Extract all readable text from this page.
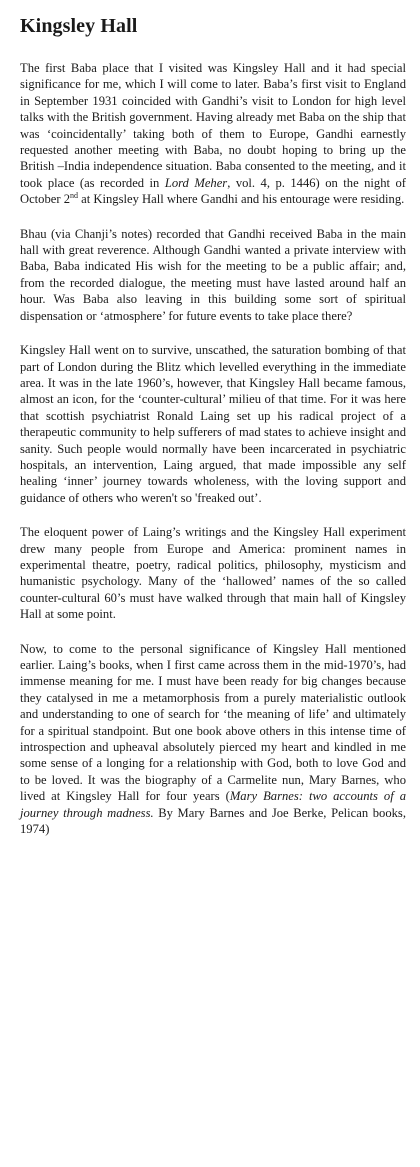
Kingsley Hall

The first Baba place that I visited was Kingsley Hall and it had special significance for me, which I will come to later. Baba’s first visit to England in September 1931 coincided with Gandhi’s visit to London for high level talks with the British government. Having already met Baba on the ship that was ‘coincidentally’ taking both of them to Europe, Gandhi earnestly requested another meeting with Baba, no doubt hoping to bring up the British –India independence situation. Baba consented to the meeting, and it took place (as recorded in Lord Meher, vol. 4, p. 1446) on the night of October 2nd at Kingsley Hall where Gandhi and his entourage were residing.

Bhau (via Chanji’s notes) recorded that Gandhi received Baba in the main hall with great reverence. Although Gandhi wanted a private interview with Baba, Baba indicated His wish for the meeting to be a public affair; and, from the recorded dialogue, the meeting must have lasted around half an hour. Was Baba also leaving in this building some sort of spiritual dispensation or ‘atmosphere’ for future events to take place there?

Kingsley Hall went on to survive, unscathed, the saturation bombing of that part of London during the Blitz which levelled everything in the immediate area. It was in the late 1960’s, however, that Kingsley Hall became famous, almost an icon, for the ‘counter-cultural’ milieu of that time. For it was here that scottish psychiatrist Ronald Laing set up his radical project of a therapeutic community to help sufferers of mad states to achieve insight and sanity. Such people would normally have been incarcerated in psychiatric hospitals, an intervention, Laing argued, that made impossible any self healing ‘inner’ journey towards wholeness, with the loving support and guidance of others who weren't so 'freaked out’.

The eloquent power of Laing’s writings and the Kingsley Hall experiment drew many people from Europe and America: prominent names in experimental theatre, poetry, radical politics, philosophy, mysticism and humanistic psychology. Many of the ‘hallowed’ names of the so called counter-cultural 60’s must have walked through that main hall of Kingsley Hall at some point.

Now, to come to the personal significance of Kingsley Hall mentioned earlier. Laing’s books, when I first came across them in the mid-1970’s, had immense meaning for me. I must have been ready for big changes because they catalysed in me a metamorphosis from a purely materialistic outlook and understanding to one of search for ‘the meaning of life’ and ultimately for a spiritual standpoint. But one book above others in this intense time of introspection and upheaval absolutely pierced my heart and kindled in me some sense of a longing for a relationship with God, both to love God and to be loved. It was the biography of a Carmelite nun, Mary Barnes, who lived at Kingsley Hall for four years (Mary Barnes: two accounts of a journey through madness. By Mary Barnes and Joe Berke, Pelican books, 1974)
